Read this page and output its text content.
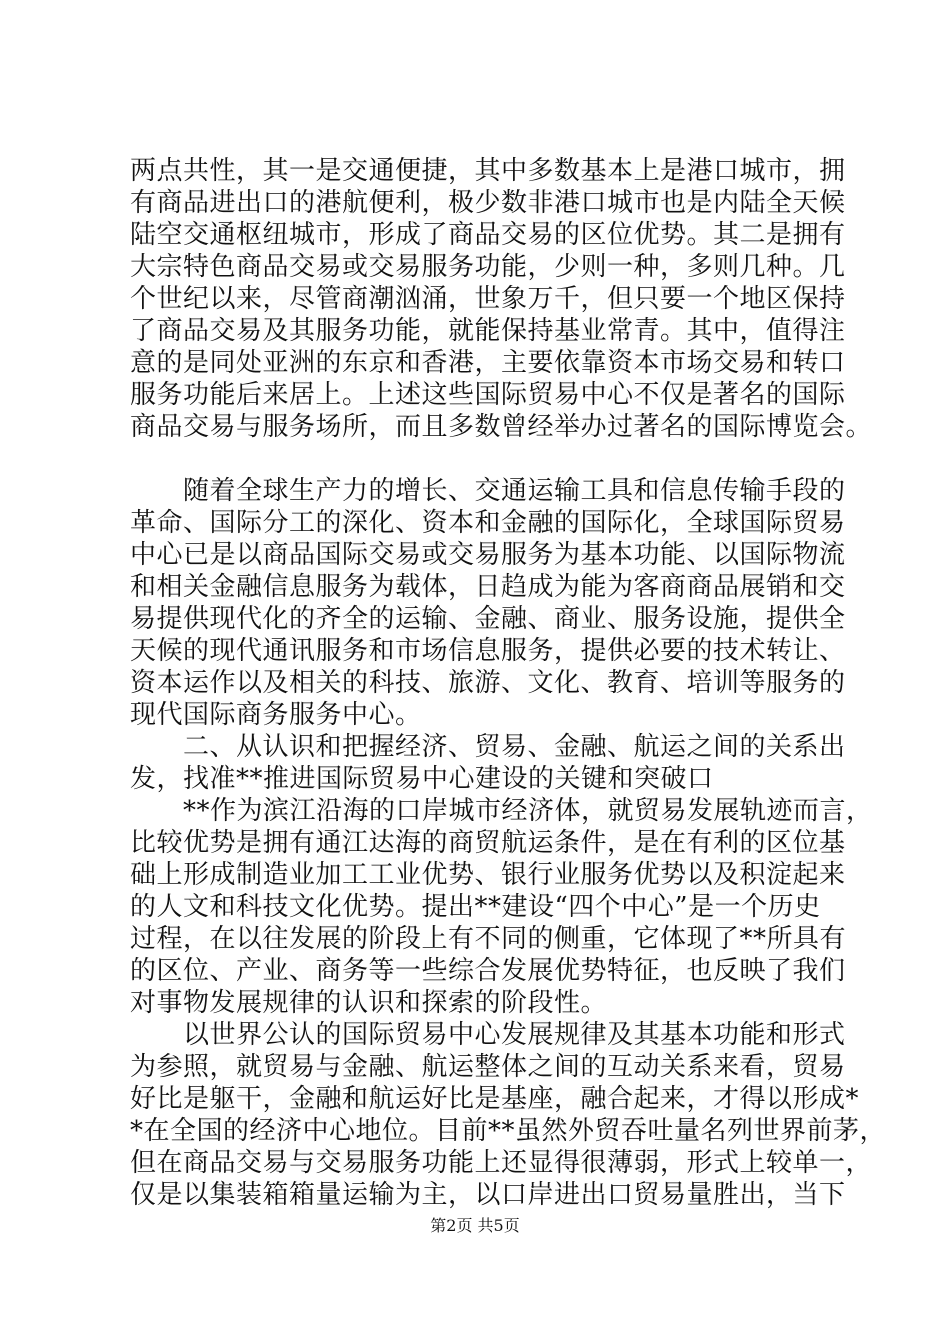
两点共性，其一是交通便捷，其中多数基本上是港口城市，拥
有商品进出口的港航便利，极少数非港口城市也是内陆全天候
陆空交通枢纽城市，形成了商品交易的区位优势。其二是拥有
大宗特色商品交易或交易服务功能，少则一种，多则几种。几
个世纪以来，尽管商潮汹涌，世象万千，但只要一个地区保持
了商品交易及其服务功能，就能保持基业常青。其中，值得注
意的是同处亚洲的东京和香港，主要依靠资本市场交易和转口
服务功能后来居上。上述这些国际贸易中心不仅是著名的国际
商品交易与服务场所，而且多数曾经举办过著名的国际博览会。
　　随着全球生产力的增长、交通运输工具和信息传输手段的
革命、国际分工的深化、资本和金融的国际化，全球国际贸易
中心已是以商品国际交易或交易服务为基本功能、以国际物流
和相关金融信息服务为载体，日趋成为能为客商商品展销和交
易提供现代化的齐全的运输、金融、商业、服务设施，提供全
天候的现代通讯服务和市场信息服务，提供必要的技术转让、
资本运作以及相关的科技、旅游、文化、教育、培训等服务的
现代国际商务服务中心。
　　二、从认识和把握经济、贸易、金融、航运之间的关系出
发，找准**推进国际贸易中心建设的关键和突破口
　　**作为滨江沿海的口岸城市经济体，就贸易发展轨迹而言，
比较优势是拥有通江达海的商贸航运条件，是在有利的区位基
础上形成制造业加工工业优势、银行业服务优势以及积淀起来
的人文和科技文化优势。提出**建设“四个中心”是一个历史
过程，在以往发展的阶段上有不同的侧重，它体现了**所具有
的区位、产业、商务等一些综合发展优势特征，也反映了我们
对事物发展规律的认识和探索的阶段性。
　　以世界公认的国际贸易中心发展规律及其基本功能和形式
为参照，就贸易与金融、航运整体之间的互动关系来看，贸易
好比是躯干，金融和航运好比是基座，融合起来，才得以形成*
*在全国的经济中心地位。目前**虽然外贸吞吐量名列世界前茅，
但在商品交易与交易服务功能上还显得很薄弱，形式上较单一，
仅是以集装箱箱量运输为主，以口岸进出口贸易量胜出，当下
第2页 共5页
